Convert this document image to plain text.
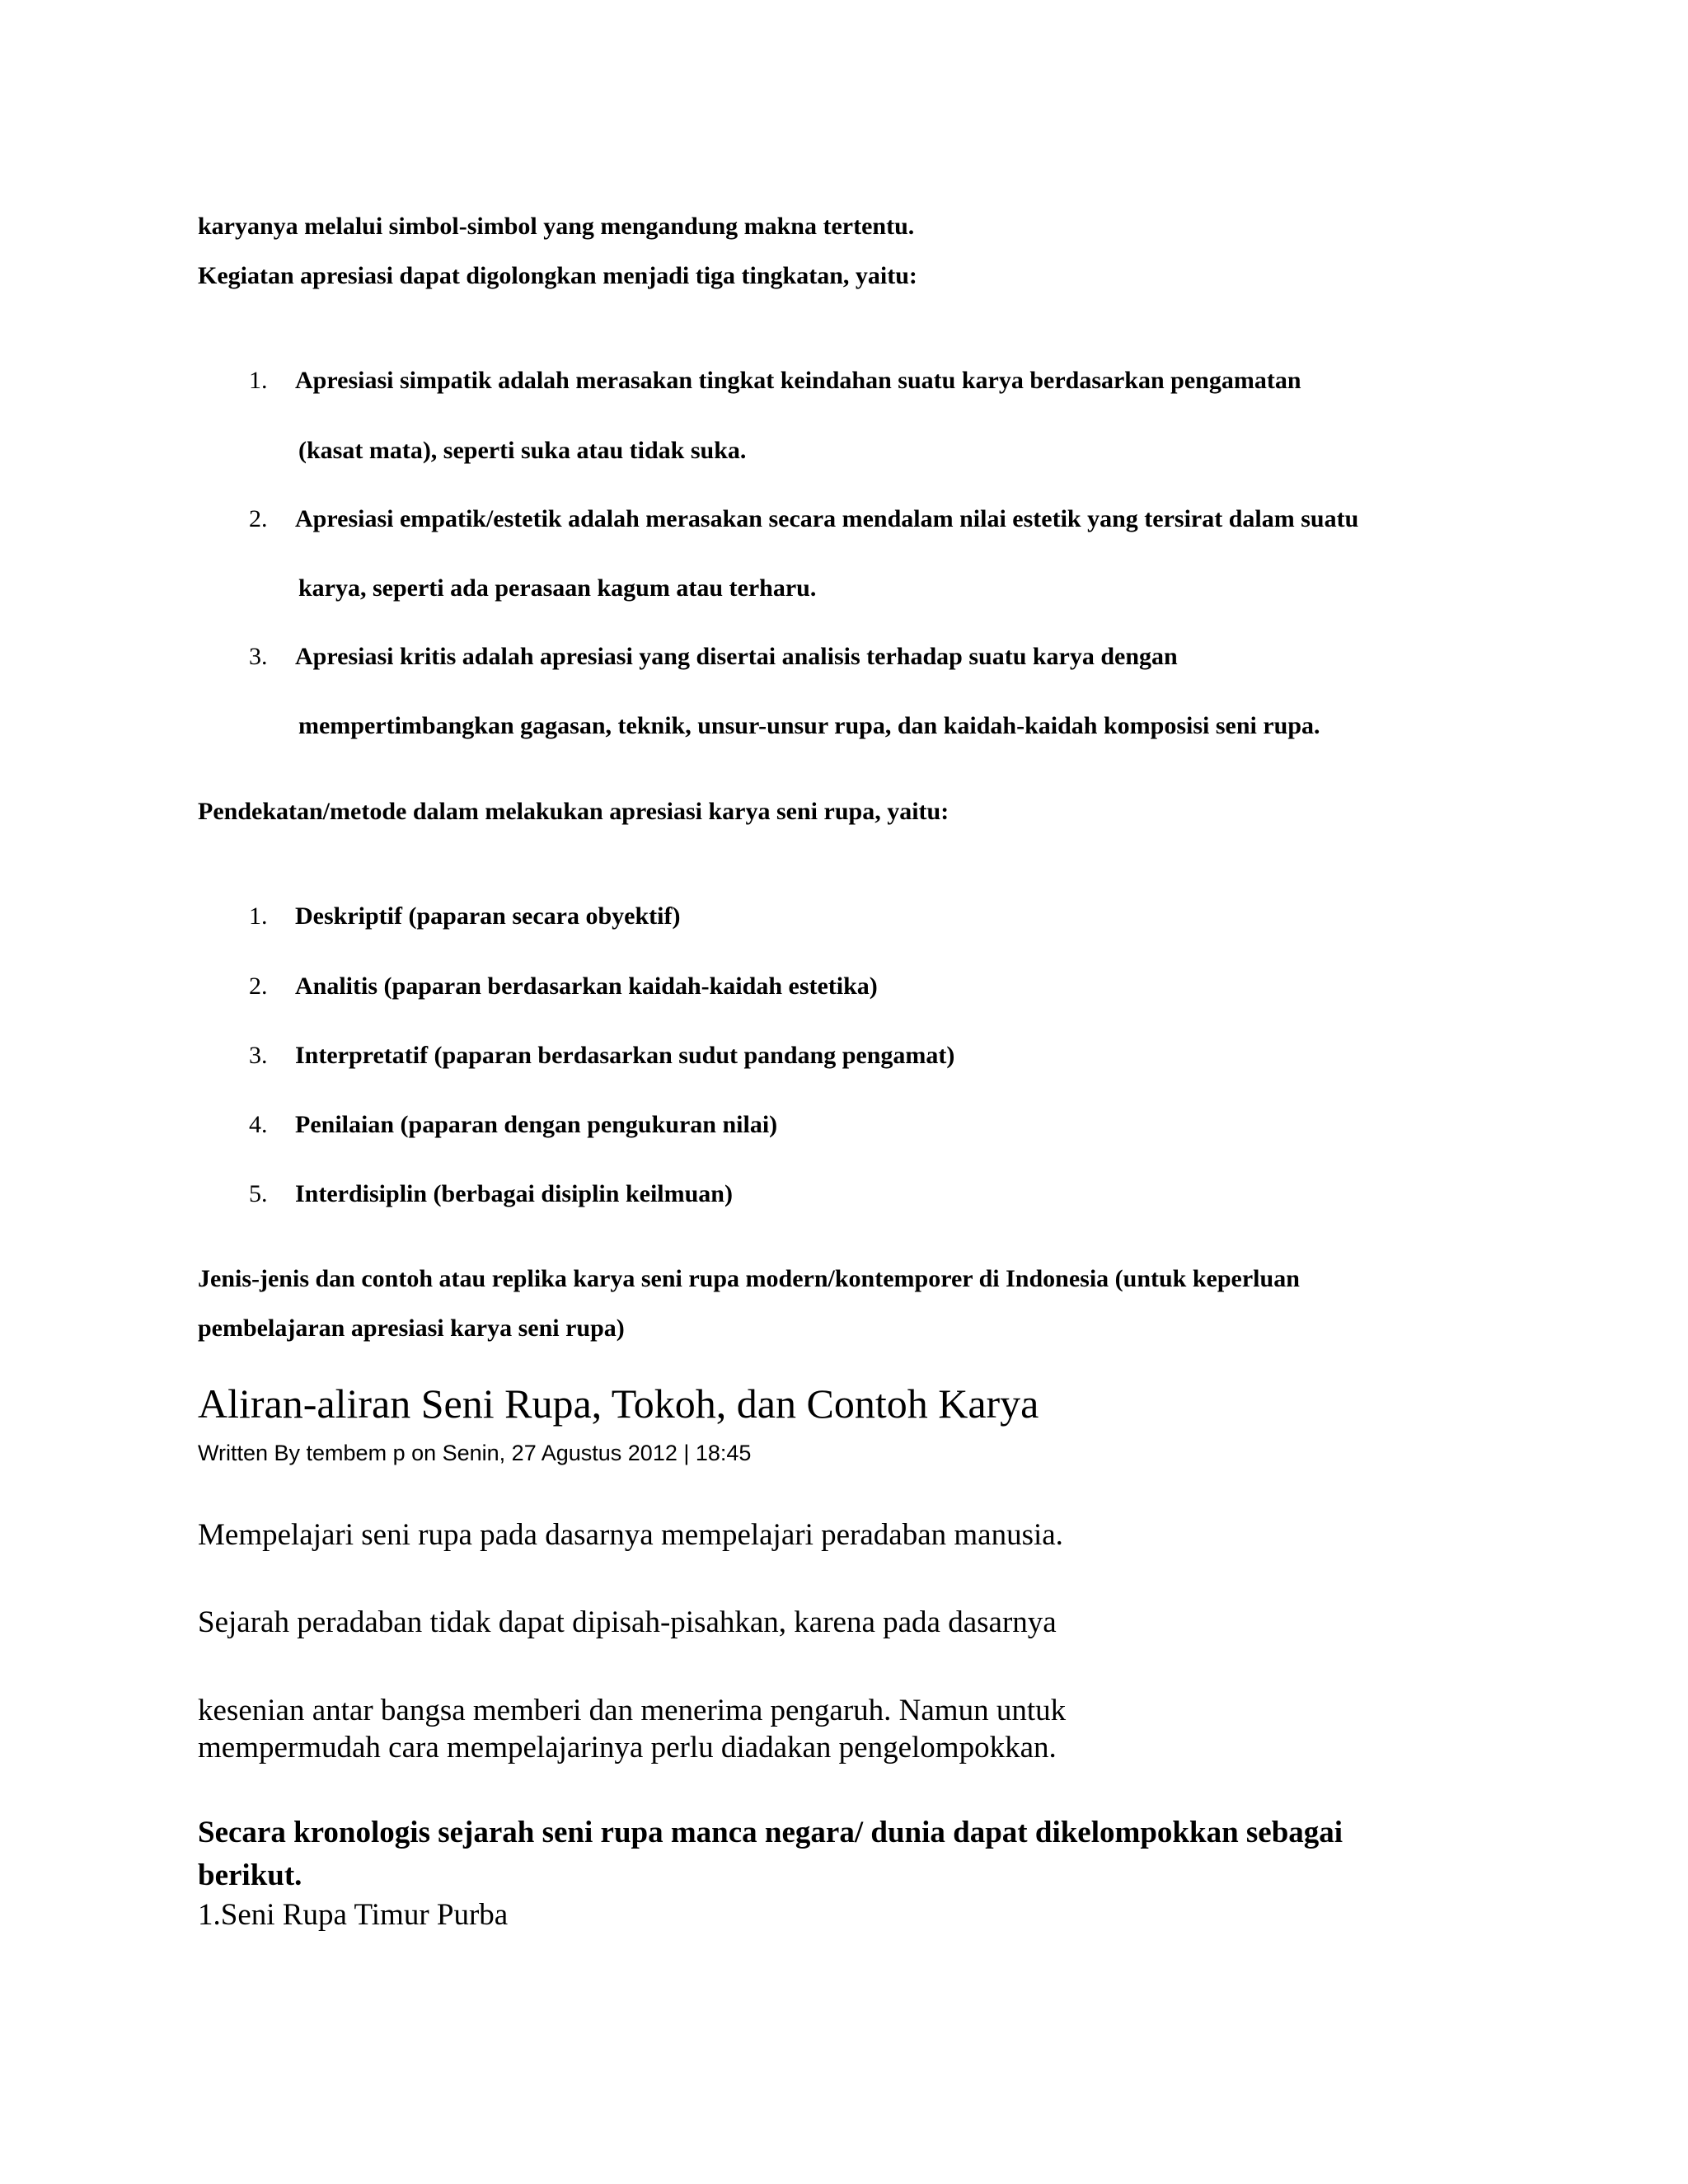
karyanya melalui simbol-simbol yang mengandung makna tertentu.

Kegiatan apresiasi dapat digolongkan menjadi tiga tingkatan, yaitu:

1. Apresiasi simpatik adalah merasakan tingkat keindahan suatu karya berdasarkan pengamatan

(kasat mata), seperti suka atau tidak suka.

2. Apresiasi empatik/estetik adalah merasakan secara mendalam nilai estetik yang tersirat dalam suatu

karya, seperti ada perasaan kagum atau terharu.

3. Apresiasi kritis adalah apresiasi yang disertai analisis terhadap suatu karya dengan

mempertimbangkan gagasan, teknik, unsur-unsur rupa, dan kaidah-kaidah komposisi seni rupa.

Pendekatan/metode dalam melakukan apresiasi karya seni rupa, yaitu:

1. Deskriptif (paparan secara obyektif)

2. Analitis (paparan berdasarkan kaidah-kaidah estetika)

3. Interpretatif (paparan berdasarkan sudut pandang pengamat)

4. Penilaian (paparan dengan pengukuran nilai)

5. Interdisiplin (berbagai disiplin keilmuan)

Jenis-jenis dan contoh atau replika karya seni rupa modern/kontemporer di Indonesia (untuk keperluan

pembelajaran apresiasi karya seni rupa)

Aliran-aliran Seni Rupa, Tokoh, dan Contoh Karya

Written By tembem p on Senin, 27 Agustus 2012 | 18:45

Mempelajari seni rupa pada dasarnya mempelajari peradaban manusia.

Sejarah peradaban tidak dapat dipisah-pisahkan, karena pada dasarnya

kesenian antar bangsa memberi dan menerima pengaruh. Namun untuk

mempermudah cara mempelajarinya perlu diadakan pengelompokkan.

Secara kronologis sejarah seni rupa manca negara/ dunia dapat dikelompokkan sebagai

berikut.

1.Seni Rupa Timur Purba
